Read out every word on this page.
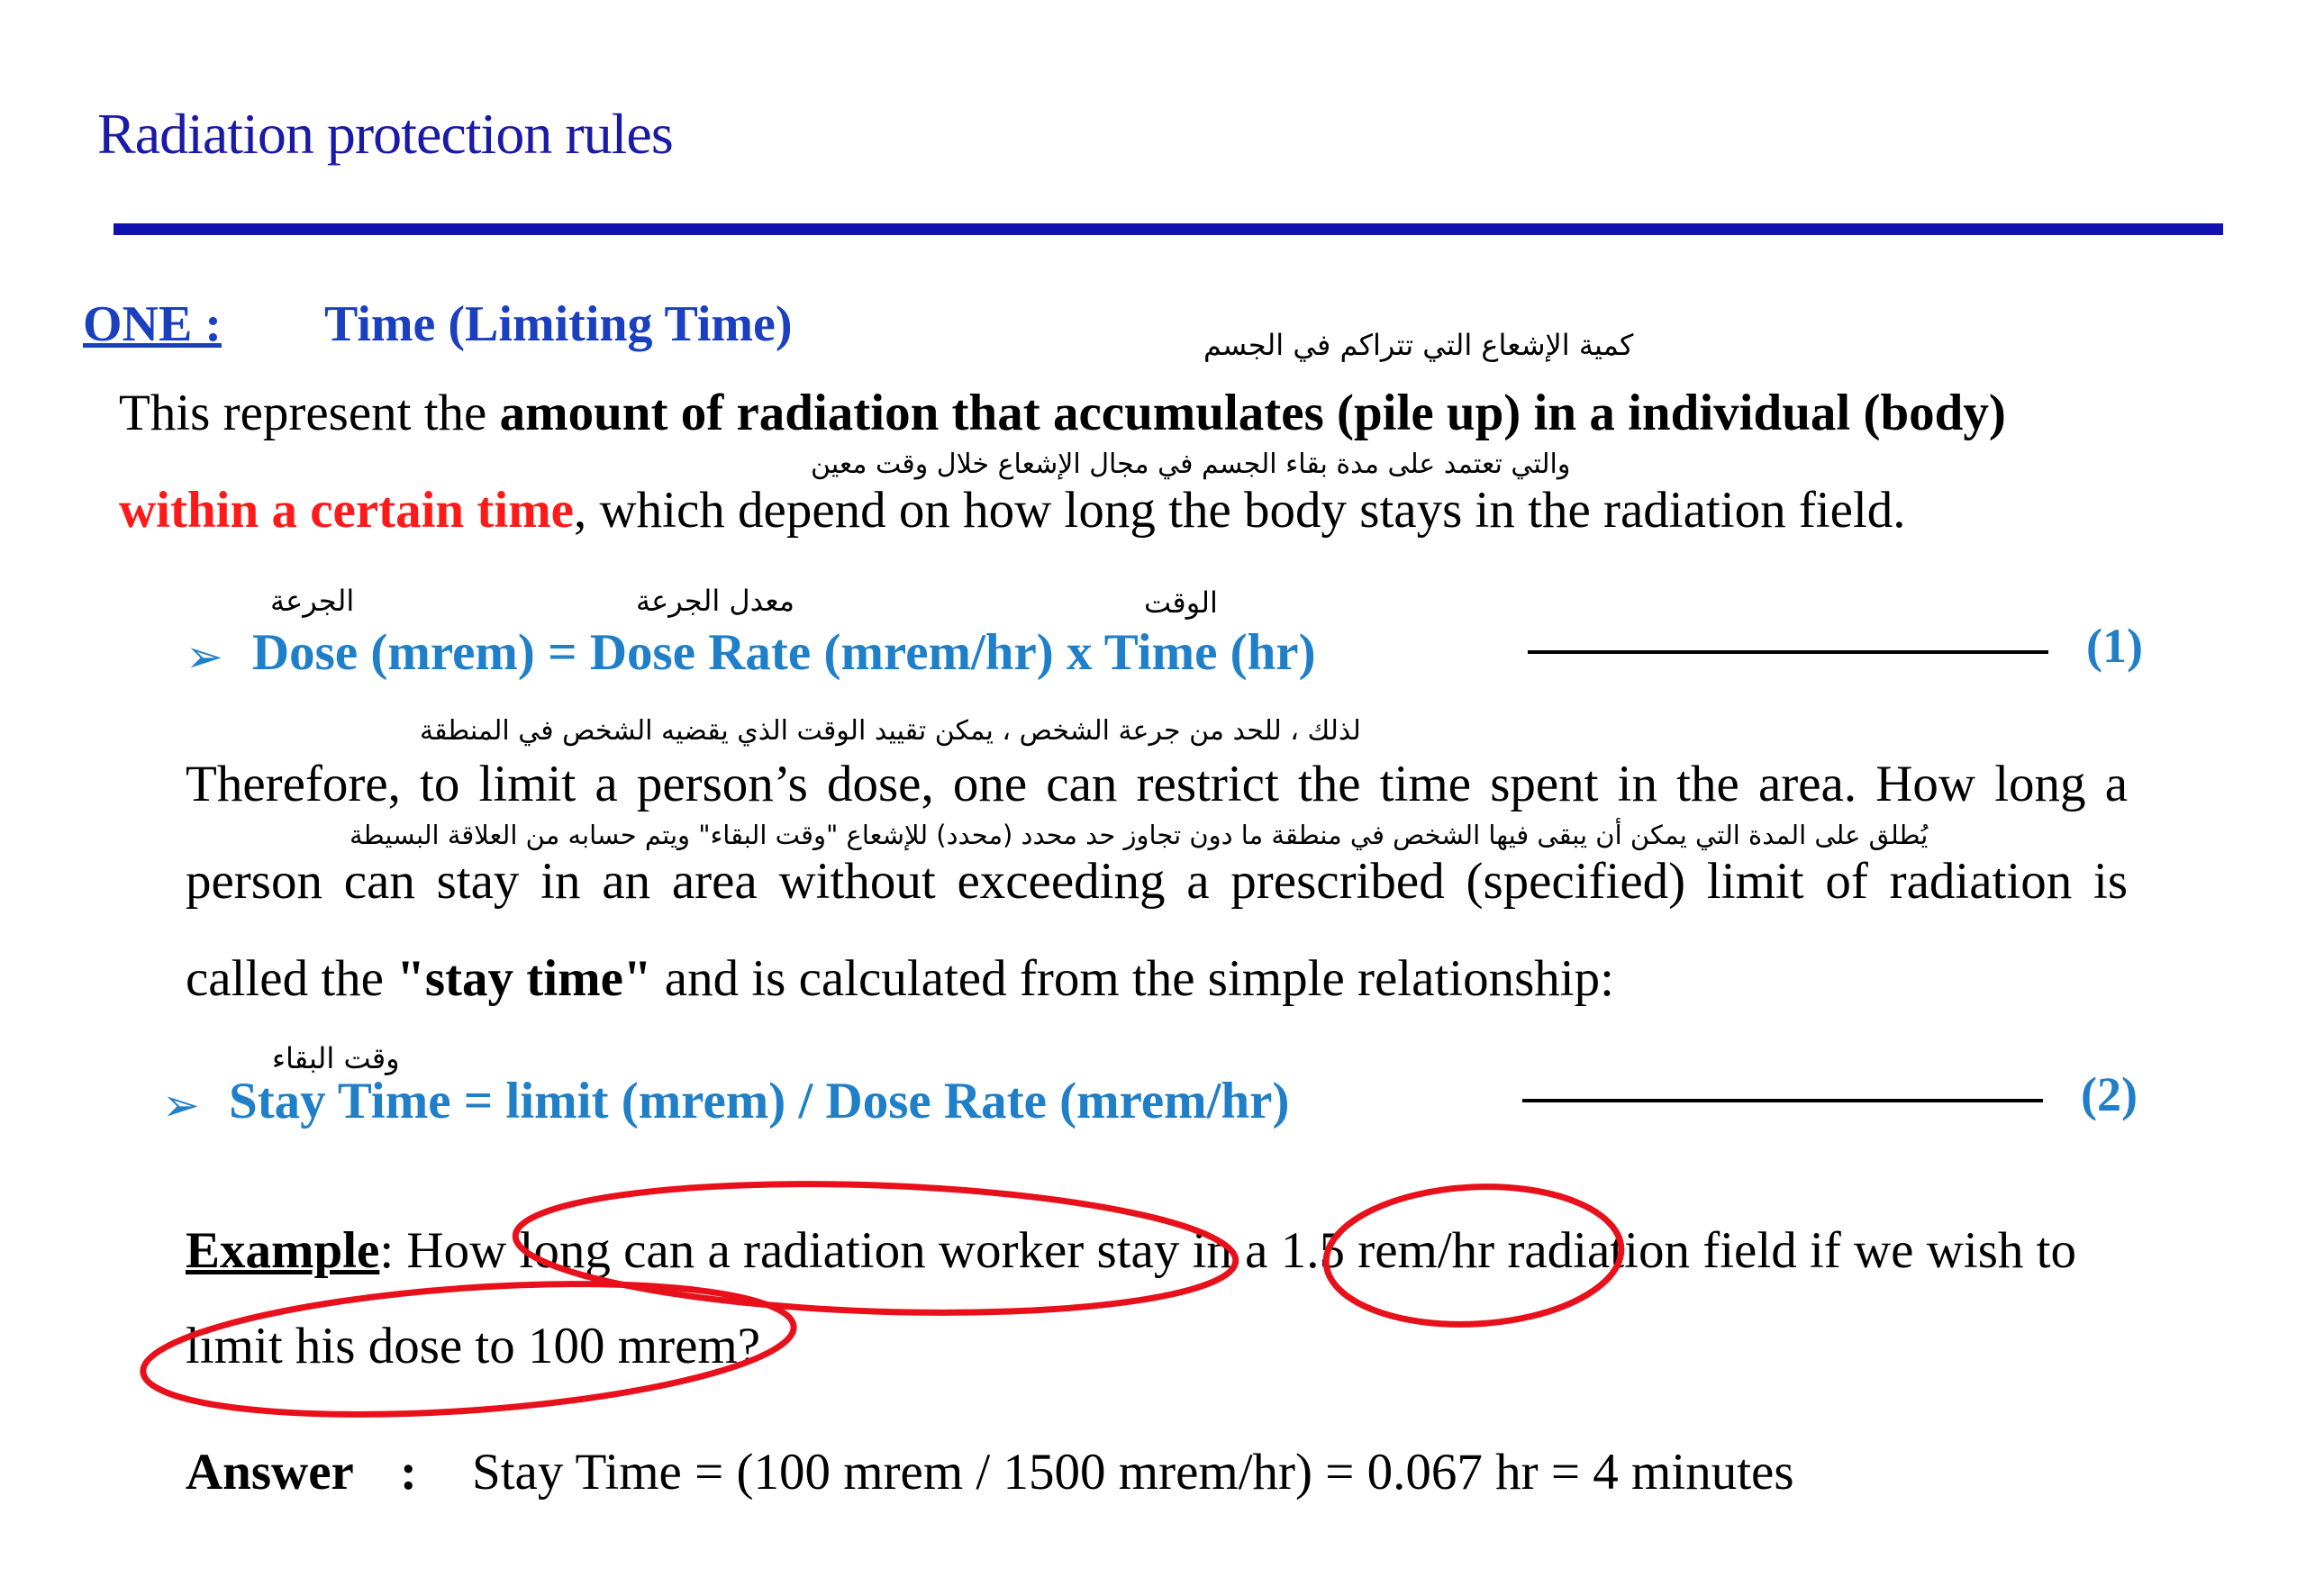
Radiation protection rules
ONE :	Time (Limiting Time)	كمية الإشعاع التي تتراكم في الجسم
This represent the amount of radiation that accumulates (pile up) in a individual (body)
والتي تعتمد على مدة بقاء الجسم في مجال الإشعاع خلال وقت معين
within a certain time, which depend on how long the body stays in the radiation field.
الجرعة	معدل الجرعة	الوقت
➢ Dose (mrem) = Dose Rate (mrem/hr) x Time (hr)	(1)
لذلك ، للحد من جرعة الشخص ، يمكن تقييد الوقت الذي يقضيه الشخص في المنطقة
Therefore, to limit a person’s dose, one can restrict the time spent in the area. How long a
يُطلق على المدة التي يمكن أن يبقى فيها الشخص في منطقة ما دون تجاوز حد محدد (محدد) للإشعاع "وقت البقاء" ويتم حسابه من العلاقة البسيطة
person can stay in an area without exceeding a prescribed (specified) limit of radiation is
called the "stay time" and is calculated from the simple relationship:
وقت البقاء
➢ Stay Time = limit (mrem) / Dose Rate (mrem/hr)	(2)
Example: How long can a radiation worker stay in a 1.5 rem/hr radiation field if we wish to
limit his dose to 100 mrem?
Answer : Stay Time = (100 mrem / 1500 mrem/hr) = 0.067 hr = 4 minutes
